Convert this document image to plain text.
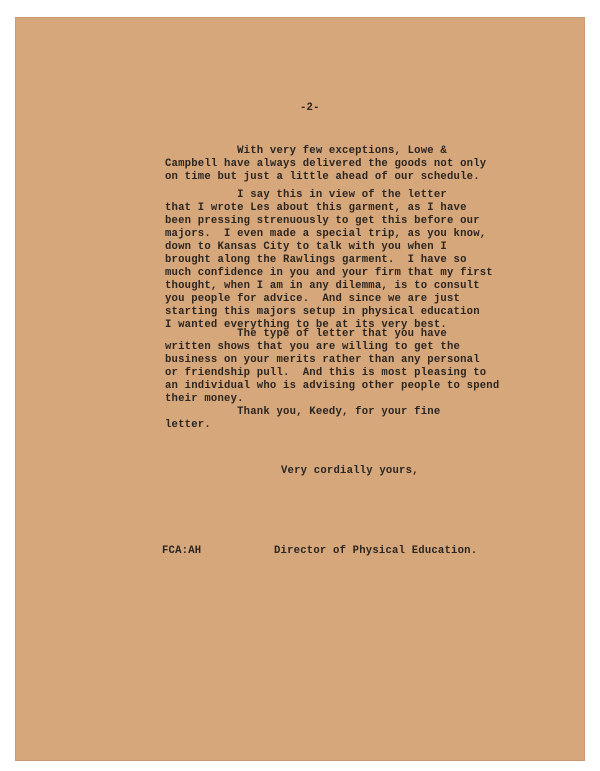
-2-
With very few exceptions, Lowe &
Campbell have always delivered the goods not only
on time but just a little ahead of our schedule.
I say this in view of the letter
that I wrote Les about this garment, as I have
been pressing strenuously to get this before our
majors.  I even made a special trip, as you know,
down to Kansas City to talk with you when I
brought along the Rawlings garment.  I have so
much confidence in you and your firm that my first
thought, when I am in any dilemma, is to consult
you people for advice.  And since we are just
starting this majors setup in physical education
I wanted everything to be at its very best.
The type of letter that you have
written shows that you are willing to get the
business on your merits rather than any personal
or friendship pull.  And this is most pleasing to
an individual who is advising other people to spend
their money.
Thank you, Keedy, for your fine
letter.
Very cordially yours,
FCA:AH	Director of Physical Education.
